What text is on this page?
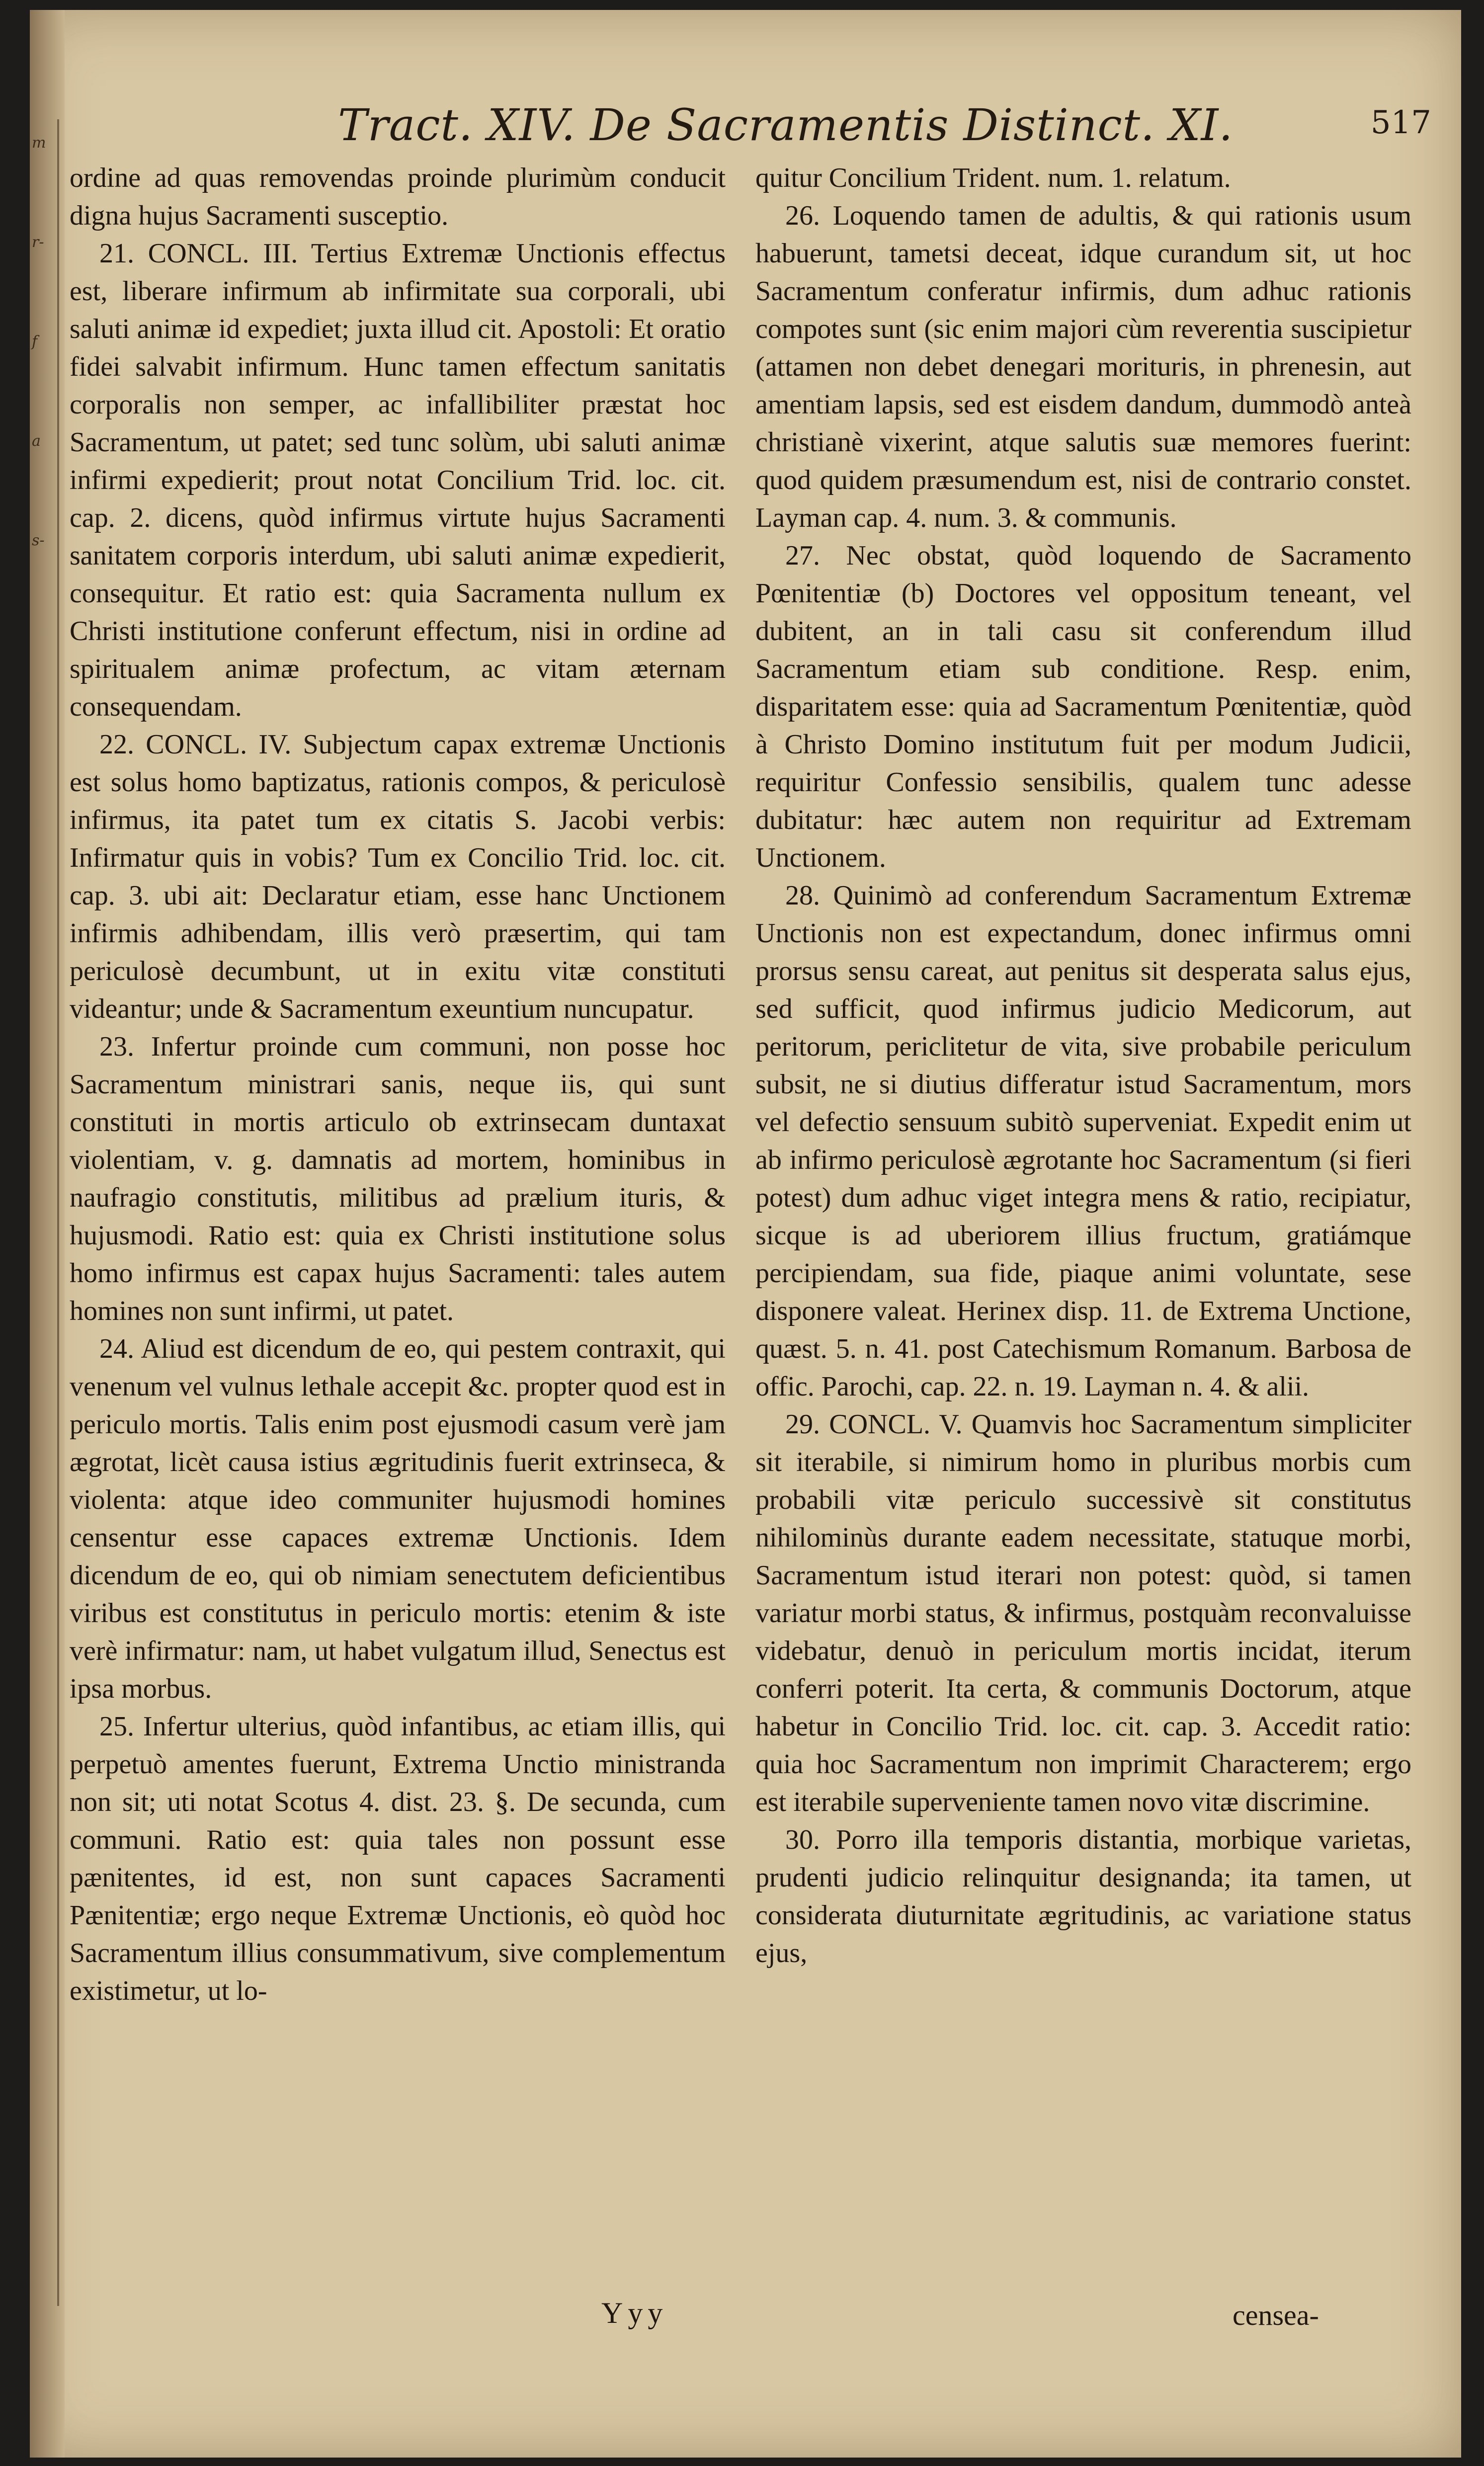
m
r-
f
a
s-
Tract. XIV. De Sacramentis Distinct. XI.	517

ordine ad quas removendas proinde plurimùm conducit digna hujus Sacramenti susceptio.

21. CONCL. III. Tertius Extremæ Unctionis effectus est, liberare infirmum ab infirmitate sua corporali, ubi saluti animæ id expediet; juxta illud cit. Apostoli: Et oratio fidei salvabit infirmum. Hunc tamen effectum sanitatis corporalis non semper, ac infallibiliter præstat hoc Sacramentum, ut patet; sed tunc solùm, ubi saluti animæ infirmi expedierit; prout notat Concilium Trid. loc. cit. cap. 2. dicens, quòd infirmus virtute hujus Sacramenti sanitatem corporis interdum, ubi saluti animæ expedierit, consequitur. Et ratio est: quia Sacramenta nullum ex Christi institutione conferunt effectum, nisi in ordine ad spiritualem animæ profectum, ac vitam æternam consequendam.

22. CONCL. IV. Subjectum capax extremæ Unctionis est solus homo baptizatus, rationis compos, & periculosè infirmus, ita patet tum ex citatis S. Jacobi verbis: Infirmatur quis in vobis? Tum ex Concilio Trid. loc. cit. cap. 3. ubi ait: Declaratur etiam, esse hanc Unctionem infirmis adhibendam, illis verò præsertim, qui tam periculosè decumbunt, ut in exitu vitæ constituti videantur; unde & Sacramentum exeuntium nuncupatur.

23. Infertur proinde cum communi, non posse hoc Sacramentum ministrari sanis, neque iis, qui sunt constituti in mortis articulo ob extrinsecam duntaxat violentiam, v. g. damnatis ad mortem, hominibus in naufragio constitutis, militibus ad prælium ituris, & hujusmodi. Ratio est: quia ex Christi institutione solus homo infirmus est capax hujus Sacramenti: tales autem homines non sunt infirmi, ut patet.

24. Aliud est dicendum de eo, qui pestem contraxit, qui venenum vel vulnus lethale accepit &c. propter quod est in periculo mortis. Talis enim post ejusmodi casum verè jam ægrotat, licèt causa istius ægritudinis fuerit extrinseca, & violenta: atque ideo communiter hujusmodi homines censentur esse capaces extremæ Unctionis. Idem dicendum de eo, qui ob nimiam senectutem deficientibus viribus est constitutus in periculo mortis: etenim & iste verè infirmatur: nam, ut habet vulgatum illud, Senectus est ipsa morbus.

25. Infertur ulterius, quòd infantibus, ac etiam illis, qui perpetuò amentes fuerunt, Extrema Unctio ministranda non sit; uti notat Scotus 4. dist. 23. §. De secunda, cum communi. Ratio est: quia tales non possunt esse pænitentes, id est, non sunt capaces Sacramenti Pænitentiæ; ergo neque Extremæ Unctionis, eò quòd hoc Sacramentum illius consummativum, sive complementum existimetur, ut lo-

quitur Concilium Trident. num. 1. relatum.

26. Loquendo tamen de adultis, & qui rationis usum habuerunt, tametsi deceat, idque curandum sit, ut hoc Sacramentum conferatur infirmis, dum adhuc rationis compotes sunt (sic enim majori cùm reverentia suscipietur (attamen non debet denegari morituris, in phrenesin, aut amentiam lapsis, sed est eisdem dandum, dummodò anteà christianè vixerint, atque salutis suæ memores fuerint: quod quidem præsumendum est, nisi de contrario constet. Layman cap. 4. num. 3. & communis.

27. Nec obstat, quòd loquendo de Sacramento Pœnitentiæ (b) Doctores vel oppositum teneant, vel dubitent, an in tali casu sit conferendum illud Sacramentum etiam sub conditione. Resp. enim, disparitatem esse: quia ad Sacramentum Pœnitentiæ, quòd à Christo Domino institutum fuit per modum Judicii, requiritur Confessio sensibilis, qualem tunc adesse dubitatur: hæc autem non requiritur ad Extremam Unctionem.

28. Quinimò ad conferendum Sacramentum Extremæ Unctionis non est expectandum, donec infirmus omni prorsus sensu careat, aut penitus sit desperata salus ejus, sed sufficit, quod infirmus judicio Medicorum, aut peritorum, periclitetur de vita, sive probabile periculum subsit, ne si diutius differatur istud Sacramentum, mors vel defectio sensuum subitò superveniat. Expedit enim ut ab infirmo periculosè ægrotante hoc Sacramentum (si fieri potest) dum adhuc viget integra mens & ratio, recipiatur, sicque is ad uberiorem illius fructum, gratiámque percipiendam, sua fide, piaque animi voluntate, sese disponere valeat. Herinex disp. 11. de Extrema Unctione, quæst. 5. n. 41. post Catechismum Romanum. Barbosa de offic. Parochi, cap. 22. n. 19. Layman n. 4. & alii.

29. CONCL. V. Quamvis hoc Sacramentum simpliciter sit iterabile, si nimirum homo in pluribus morbis cum probabili vitæ periculo successivè sit constitutus nihilominùs durante eadem necessitate, statuque morbi, Sacramentum istud iterari non potest: quòd, si tamen variatur morbi status, & infirmus, postquàm reconvaluisse videbatur, denuò in periculum mortis incidat, iterum conferri poterit. Ita certa, & communis Doctorum, atque habetur in Concilio Trid. loc. cit. cap. 3. Accedit ratio: quia hoc Sacramentum non imprimit Characterem; ergo est iterabile superveniente tamen novo vitæ discrimine.

30. Porro illa temporis distantia, morbique varietas, prudenti judicio relinquitur designanda; ita tamen, ut considerata diuturnitate ægritudinis, ac variatione status ejus,

Yyy	censea-
